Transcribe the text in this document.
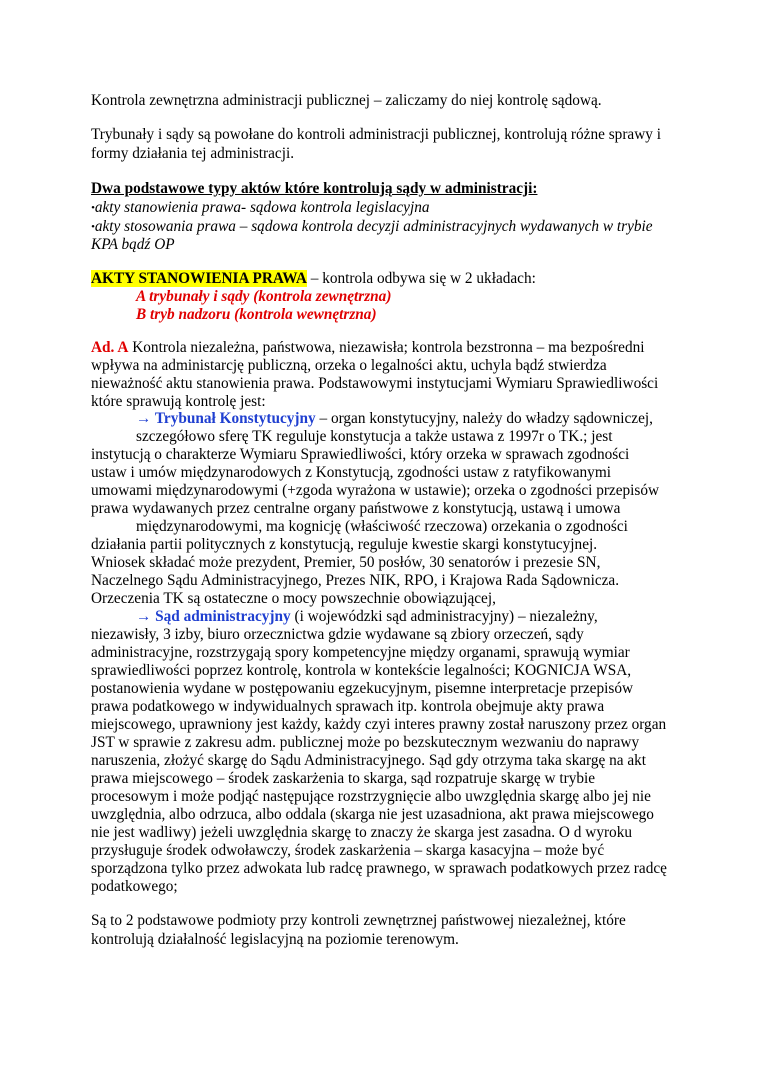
Kontrola zewnętrzna administracji publicznej – zaliczamy do niej kontrolę sądową.
Trybunały i sądy są powołane do kontroli administracji publicznej, kontrolują różne sprawy i
formy działania tej administracji.
Dwa podstawowe typy aktów które kontrolują sądy w administracji:
•akty stanowienia prawa- sądowa kontrola legislacyjna
•akty stosowania prawa – sądowa kontrola decyzji administracyjnych wydawanych w trybie
KPA bądź OP
AKTY STANOWIENIA PRAWA – kontrola odbywa się w 2 układach:
A trybunały i sądy (kontrola zewnętrzna)
B tryb nadzoru (kontrola wewnętrzna)
Ad. A Kontrola niezależna, państwowa, niezawisła; kontrola bezstronna – ma bezpośredni
wpływa na administarcję publiczną, orzeka o legalności aktu, uchyla bądź stwierdza
nieważność aktu stanowienia prawa. Podstawowymi instytucjami Wymiaru Sprawiedliwości
które sprawują kontrolę jest:
→ Trybunał Konstytucyjny – organ konstytucyjny, należy do władzy sądowniczej,
szczegółowo sferę TK reguluje konstytucja a także ustawa z 1997r o TK.; jest
instytucją o charakterze Wymiaru Sprawiedliwości, który orzeka w sprawach zgodności
ustaw i umów międzynarodowych z Konstytucją, zgodności ustaw z ratyfikowanymi
umowami międzynarodowymi (+zgoda wyrażona w ustawie); orzeka o zgodności przepisów
prawa wydawanych przez centralne organy państwowe z konstytucją, ustawą i umowa
międzynarodowymi, ma kognicję (właściwość rzeczowa) orzekania o zgodności
działania partii politycznych z konstytucją, reguluje kwestie skargi konstytucyjnej.
Wniosek składać może prezydent, Premier, 50 posłów, 30 senatorów i prezesie SN,
Naczelnego Sądu Administracyjnego, Prezes NIK, RPO, i Krajowa Rada Sądownicza.
Orzeczenia TK są ostateczne o mocy powszechnie obowiązującej,
→ Sąd administracyjny (i wojewódzki sąd administracyjny) – niezależny,
niezawisły, 3 izby, biuro orzecznictwa gdzie wydawane są zbiory orzeczeń, sądy
administracyjne, rozstrzygają spory kompetencyjne między organami, sprawują wymiar
sprawiedliwości poprzez kontrolę, kontrola w kontekście legalności; KOGNICJA WSA,
postanowienia wydane w postępowaniu egzekucyjnym, pisemne interpretacje przepisów
prawa podatkowego w indywidualnych sprawach itp. kontrola obejmuje akty prawa
miejscowego, uprawniony jest każdy, każdy czyi interes prawny został naruszony przez organ
JST w sprawie z zakresu adm. publicznej może po bezskutecznym wezwaniu do naprawy
naruszenia, złożyć skargę do Sądu Administracyjnego. Sąd gdy otrzyma taka skargę na akt
prawa miejscowego – środek zaskarżenia to skarga, sąd rozpatruje skargę w trybie
procesowym i może podjąć następujące rozstrzygnięcie albo uwzględnia skargę albo jej nie
uwzględnia, albo odrzuca, albo oddala (skarga nie jest uzasadniona, akt prawa miejscowego
nie jest wadliwy) jeżeli uwzględnia skargę to znaczy że skarga jest zasadna. O d wyroku
przysługuje środek odwoławczy, środek zaskarżenia – skarga kasacyjna – może być
sporządzona tylko przez adwokata lub radcę prawnego, w sprawach podatkowych przez radcę
podatkowego;
Są to 2 podstawowe podmioty przy kontroli zewnętrznej państwowej niezależnej, które
kontrolują działalność legislacyjną na poziomie terenowym.
